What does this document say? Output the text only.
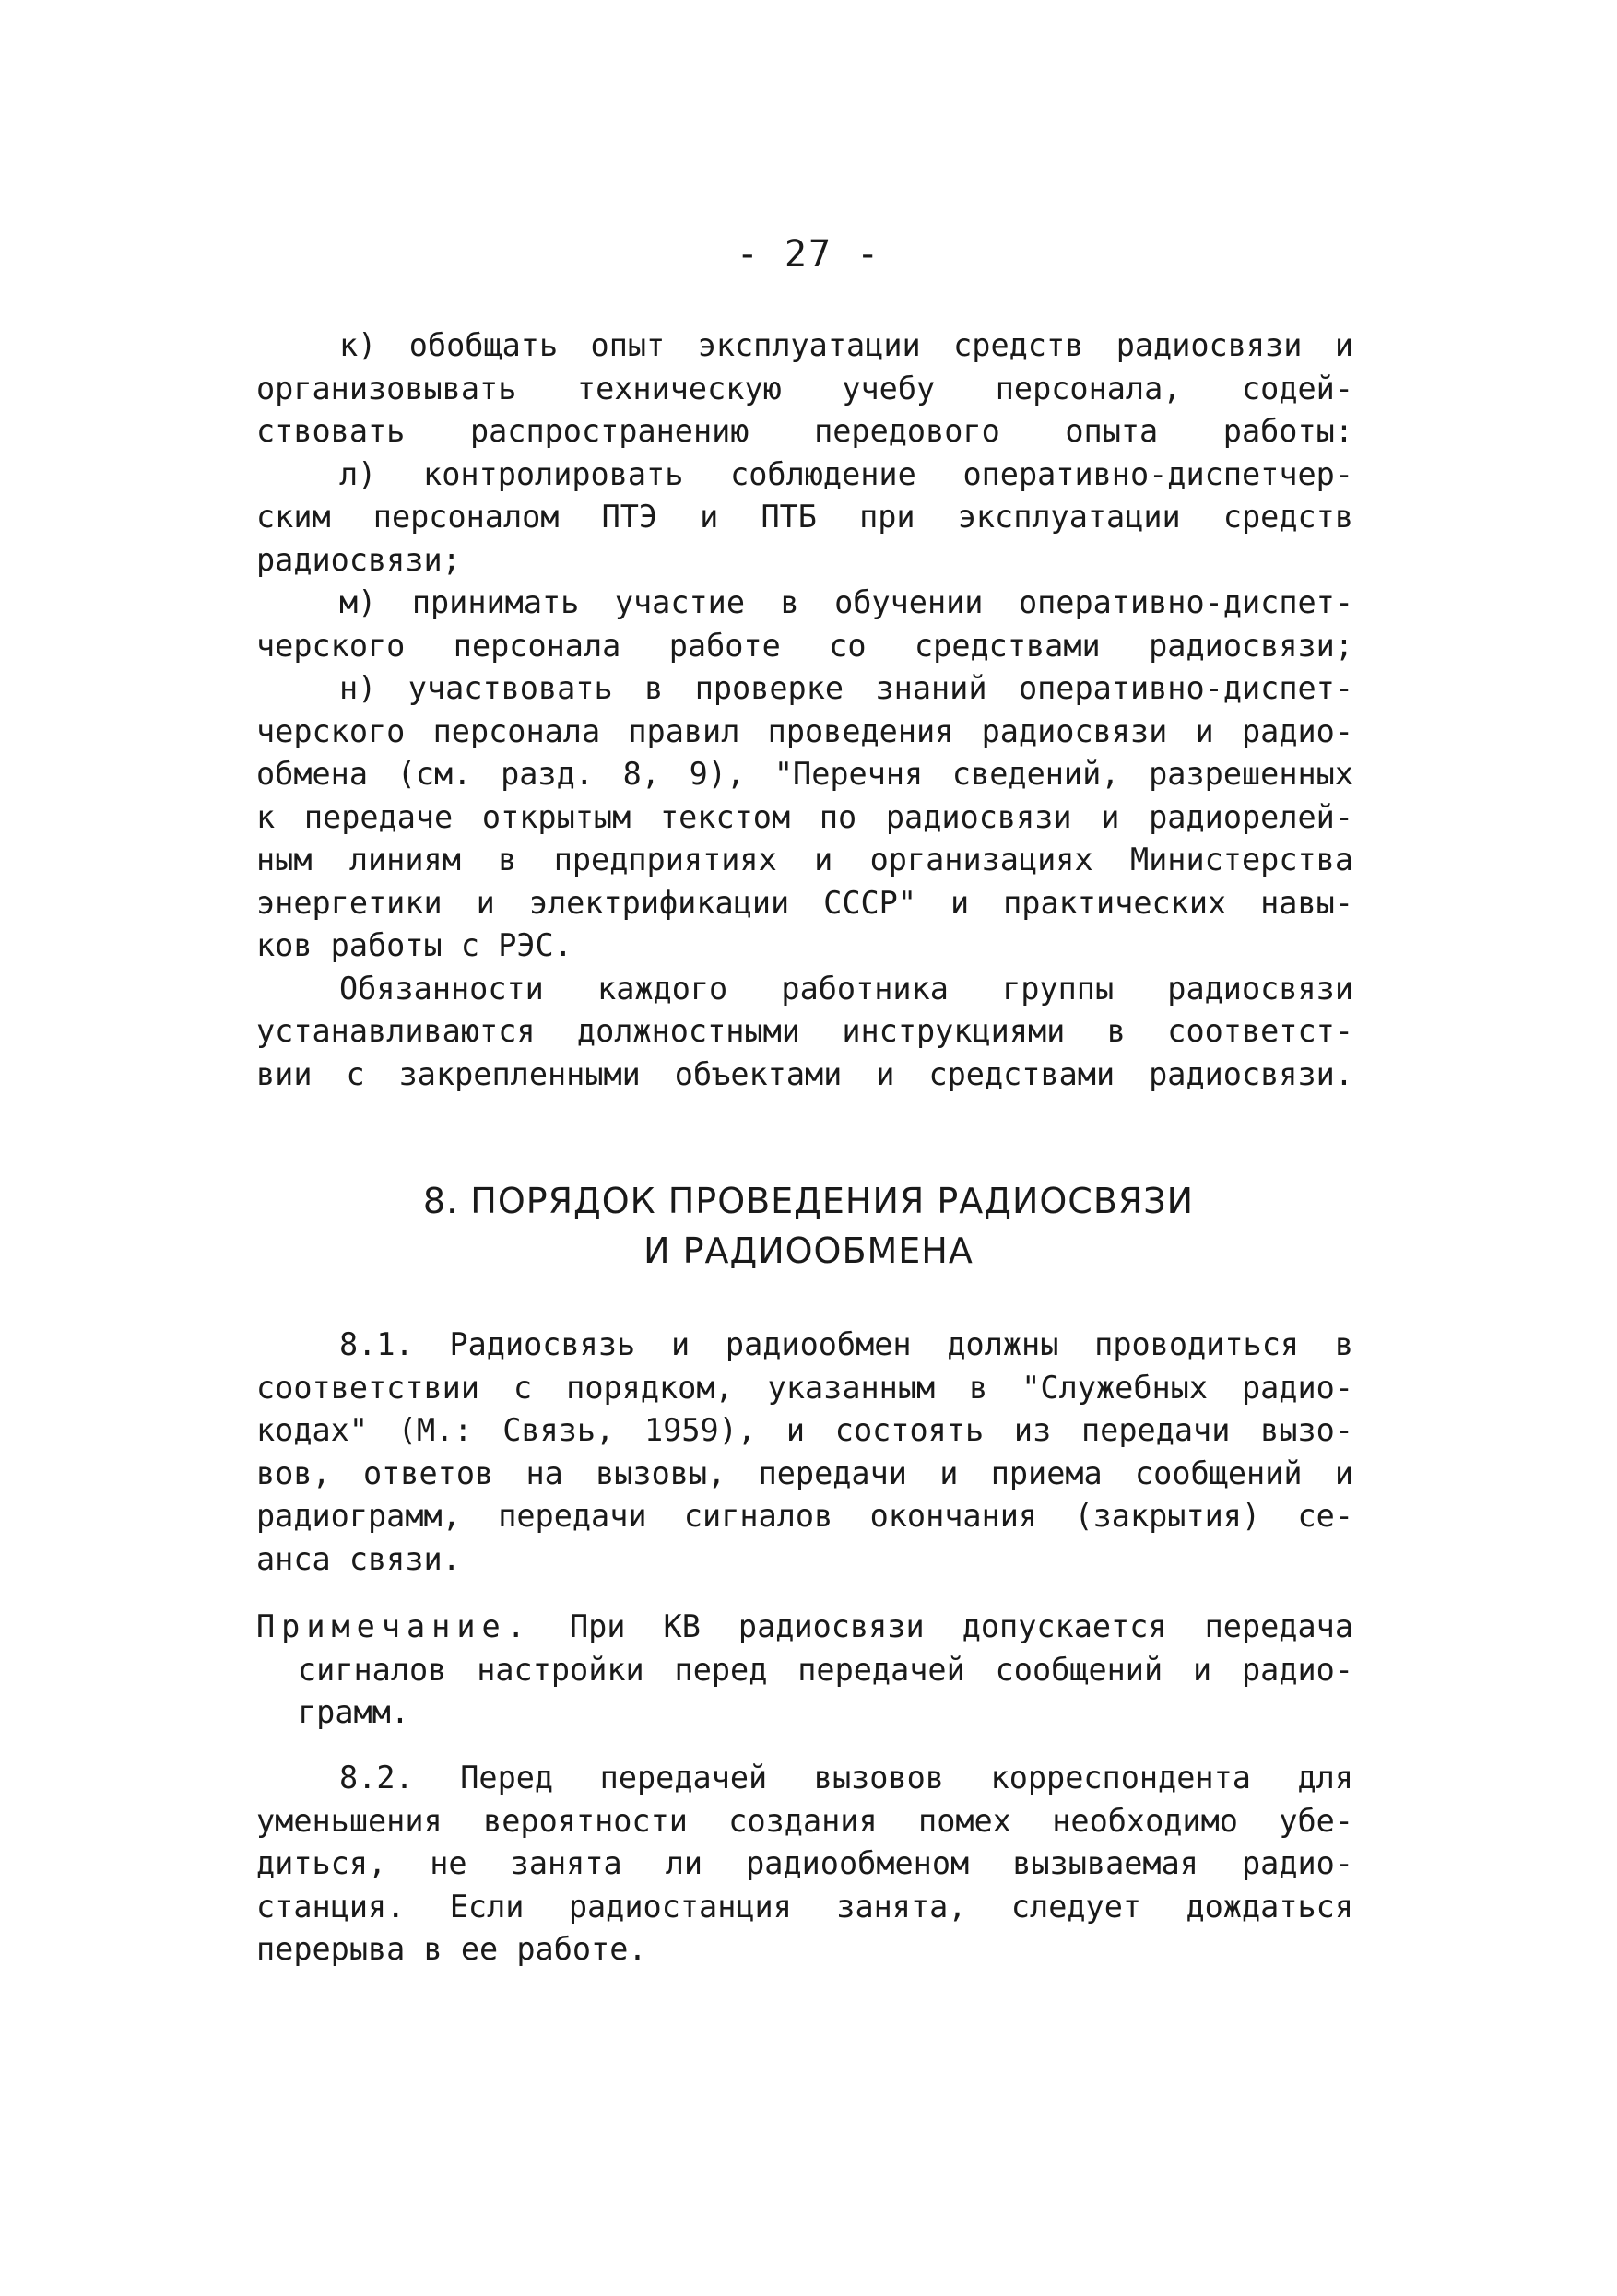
- 27 -
к) обобщать опыт эксплуатации средств радиосвязи и
организовывать техническую учебу персонала, содей-
ствовать распространению передового опыта работы:
л) контролировать соблюдение оперативно-диспетчер-
ским персоналом ПТЭ и ПТБ при эксплуатации средств
радиосвязи;
м) принимать участие в обучении оперативно-диспет-
черского персонала работе со средствами радиосвязи;
н) участвовать в проверке знаний оперативно-диспет-
черского персонала правил проведения радиосвязи и радио-
обмена (см. разд. 8, 9), "Перечня сведений, разрешенных
к передаче открытым текстом по радиосвязи и радиорелей-
ным линиям в предприятиях и организациях Министерства
энергетики и электрификации СССР" и практических навы-
ков работы с РЭС.
Обязанности каждого работника группы радиосвязи
устанавливаются должностными инструкциями в соответст-
вии с закрепленными объектами и средствами радиосвязи.
8. ПОРЯДОК ПРОВЕДЕНИЯ РАДИОСВЯЗИ
И РАДИООБМЕНА
8.1. Радиосвязь и радиообмен должны проводиться в
соответствии с порядком, указанным в "Служебных радио-
кодах" (М.: Связь, 1959), и состоять из передачи вызо-
вов, ответов на вызовы, передачи и приема сообщений и
радиограмм, передачи сигналов окончания (закрытия) се-
анса связи.
Примечание. При КВ радиосвязи допускается передача
сигналов настройки перед передачей сообщений и радио-
грамм.
8.2. Перед передачей вызовов корреспондента для
уменьшения вероятности создания помех необходимо убе-
диться, не занята ли радиообменом вызываемая радио-
станция. Если радиостанция занята, следует дождаться
перерыва в ее работе.
